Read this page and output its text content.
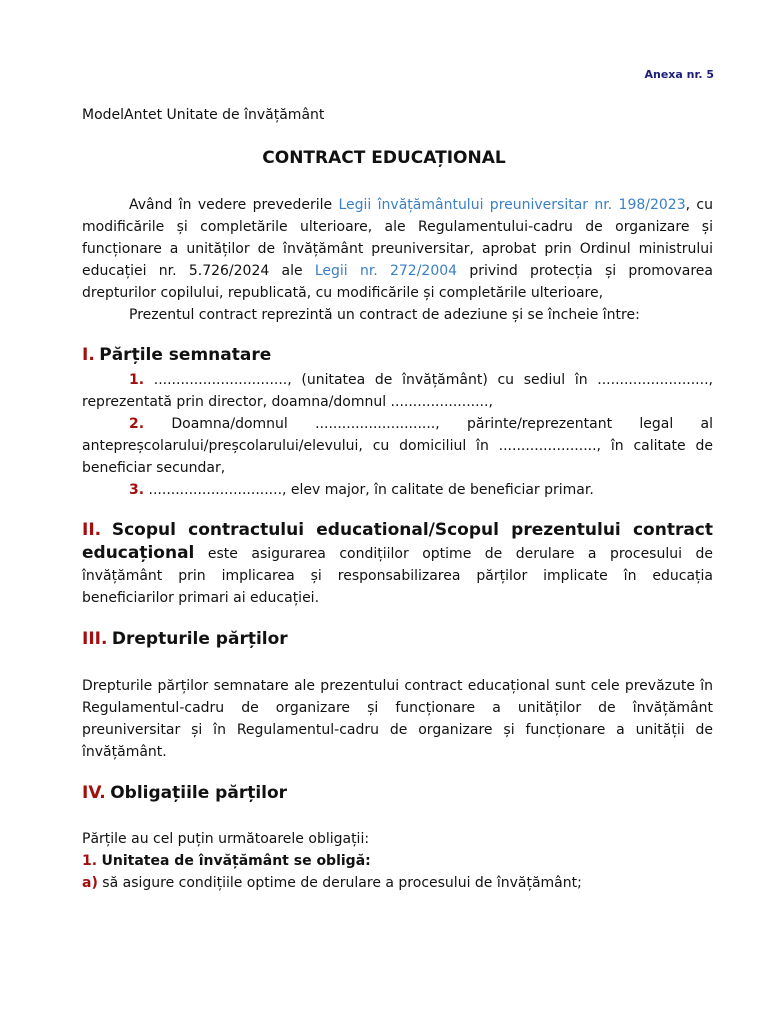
Anexa nr. 5
ModelAntet Unitate de învățământ
CONTRACT EDUCAȚIONAL

Având în vedere prevederile Legii învățământului preuniversitar nr. 198/2023, cu modificările și completările ulterioare, ale Regulamentului-cadru de organizare și funcționare a unităților de învățământ preuniversitar, aprobat prin Ordinul ministrului educației nr. 5.726/2024 ale Legii nr. 272/2004 privind protecția și promovarea drepturilor copilului, republicată, cu modificările și completările ulterioare,

Prezentul contract reprezintă un contract de adeziune și se încheie între:

I. Părțile semnatare

1. .............................., (unitatea de învățământ) cu sediul în ........................., reprezentată prin director, doamna/domnul ......................,

2. Doamna/domnul ..........................., părinte/reprezentant legal al antepreșcolarului/preșcolarului/elevului, cu domiciliul în ......................, în calitate de beneficiar secundar,

3. .............................., elev major, în calitate de beneficiar primar.

II. Scopul contractului educational/Scopul prezentului contract educațional este asigurarea condițiilor optime de derulare a procesului de învățământ prin implicarea și responsabilizarea părților implicate în educația beneficiarilor primari ai educației.

III. Drepturile părților

Drepturile părților semnatare ale prezentului contract educațional sunt cele prevăzute în Regulamentul-cadru de organizare și funcționare a unităților de învățământ preuniversitar și în Regulamentul-cadru de organizare și funcționare a unității de învățământ.

IV. Obligațiile părților

Părțile au cel puțin următoarele obligații:

1. Unitatea de învățământ se obligă:

a) să asigure condițiile optime de derulare a procesului de învățământ;
